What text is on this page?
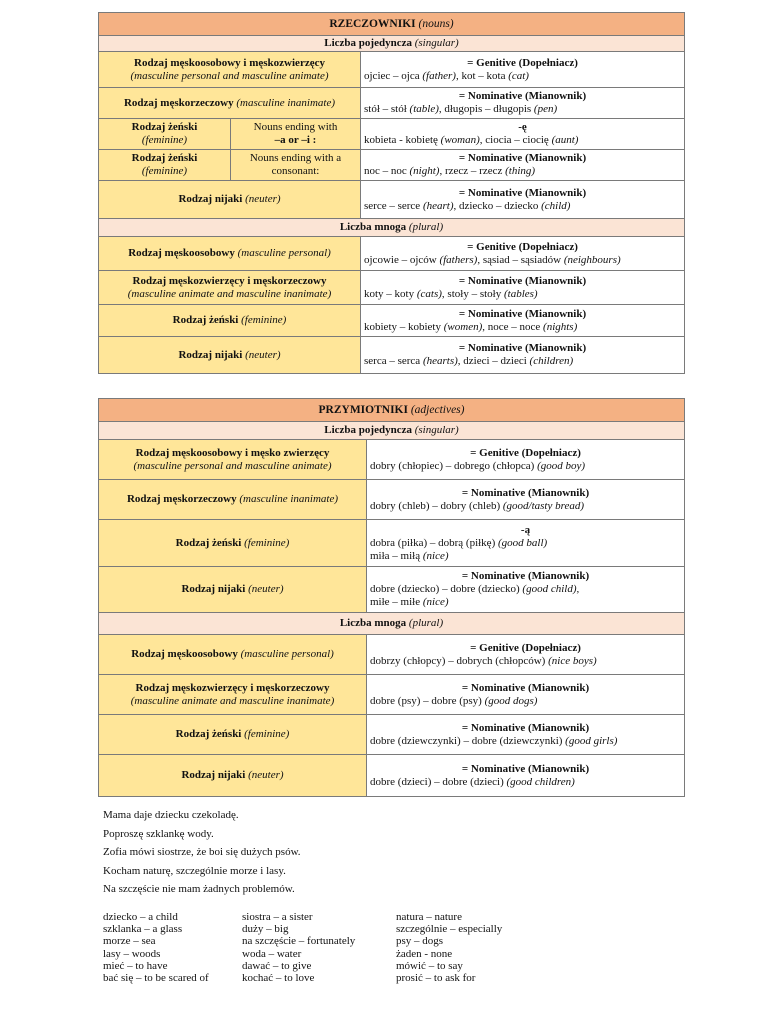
RZECZOWNIKI (nouns)		
Liczba pojedyncza (singular)		
Rodzaj męskoosobowy i męskozwierzęcy
(masculine personal and masculine animate)		= Genitive (Dopełniacz)
ojciec – ojca (father), kot – kota (cat)
Rodzaj męskorzeczowy (masculine inanimate)		= Nominative (Mianownik)
stół – stół (table), długopis – długopis (pen)
Rodzaj żeński
(feminine)	Nouns ending with
–a or –i :	-ę
kobieta - kobietę (woman), ciocia – ciocię (aunt)
Rodzaj żeński
(feminine)	Nouns ending with a
consonant:	= Nominative (Mianownik)
noc – noc (night), rzecz – rzecz (thing)
Rodzaj nijaki (neuter)		= Nominative (Mianownik)
serce – serce (heart), dziecko – dziecko (child)
Liczba mnoga (plural)		
Rodzaj męskoosobowy (masculine personal)		= Genitive (Dopełniacz)
ojcowie – ojców (fathers), sąsiad – sąsiadów (neighbours)
Rodzaj męskozwierzęcy i męskorzeczowy
(masculine animate and masculine inanimate)		= Nominative (Mianownik)
koty – koty (cats), stoły – stoły (tables)
Rodzaj żeński (feminine)		= Nominative (Mianownik)
kobiety – kobiety (women), noce – noce (nights)
Rodzaj nijaki (neuter)		= Nominative (Mianownik)
serca – serca (hearts), dzieci – dzieci (children)
PRZYMIOTNIKI (adjectives)	
Liczba pojedyncza (singular)	
Rodzaj męskoosobowy i męsko zwierzęcy
(masculine personal and masculine animate)	= Genitive (Dopełniacz)
dobry (chłopiec) – dobrego (chłopca) (good boy)
Rodzaj męskorzeczowy (masculine inanimate)	= Nominative (Mianownik)
dobry (chleb) – dobry (chleb) (good/tasty bread)
Rodzaj żeński (feminine)	-ą
dobra (piłka) – dobrą (piłkę) (good ball)
miła – miłą (nice)
Rodzaj nijaki (neuter)	= Nominative (Mianownik)
dobre (dziecko) – dobre (dziecko) (good child),
miłe – miłe (nice)
Liczba mnoga (plural)	
Rodzaj męskoosobowy (masculine personal)	= Genitive (Dopełniacz)
dobrzy (chłopcy) – dobrych (chłopców) (nice boys)
Rodzaj męskozwierzęcy i męskorzeczowy
(masculine animate and masculine inanimate)	= Nominative (Mianownik)
dobre (psy) – dobre (psy) (good dogs)
Rodzaj żeński (feminine)	= Nominative (Mianownik)
dobre (dziewczynki) – dobre (dziewczynki) (good girls)
Rodzaj nijaki (neuter)	= Nominative (Mianownik)
dobre (dzieci) – dobre (dzieci) (good children)
Mama daje dziecku czekoladę.
Poproszę szklankę wody.
Zofia mówi siostrze, że boi się dużych psów.
Kocham naturę, szczególnie morze i lasy.
Na szczęście nie mam żadnych problemów.
dziecko – a child
szklanka – a glass
morze – sea
lasy – woods
mieć – to have
bać się – to be scared of
siostra – a sister
duży – big
na szczęście – fortunately
woda – water
dawać – to give
kochać – to love
natura – nature
szczególnie – especially
psy – dogs
żaden - none
mówić – to say
prosić – to ask for
